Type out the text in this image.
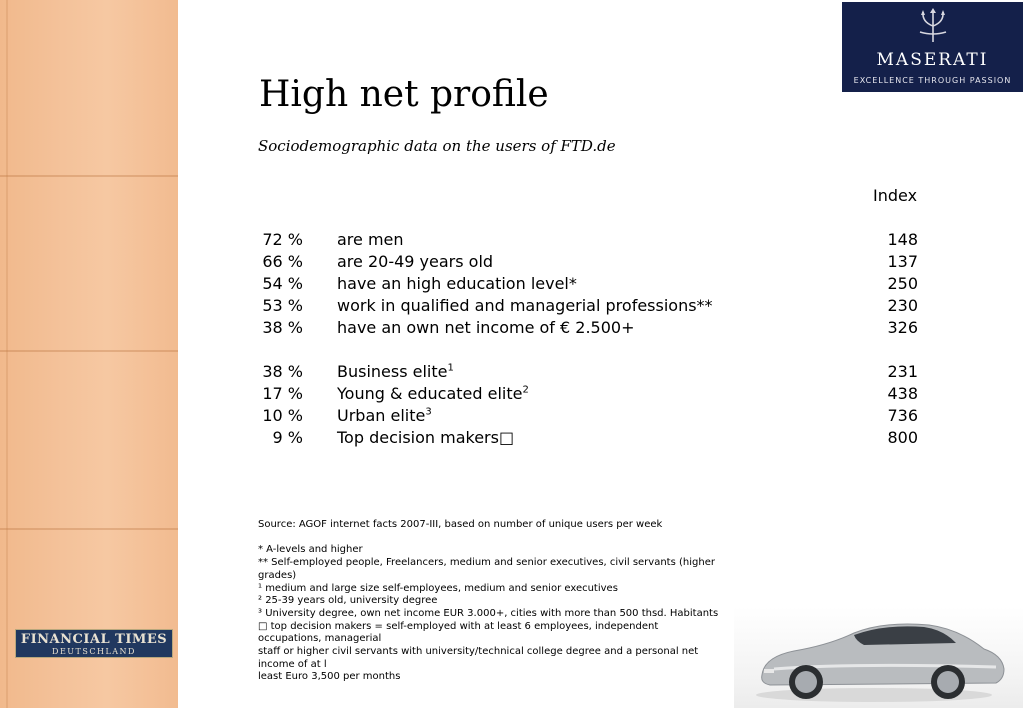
FINANCIAL TIMES
DEUTSCHLAND
MASERATI
EXCELLENCE THROUGH PASSION
High net profile
Sociodemographic data on the users of FTD.de
Index
72 % are men	148
66 % are 20-49 years old	137
54 % have an high education level*	250
53 % work in qualified and managerial professions**	230
38 % have an own net income of € 2.500+	326
38 % Business elite$^1$	231
17 % Young & educated elite$^2$	438
10 % Urban elite$^3$	736
9 % Top decision makers□	800

Source: AGOF internet facts 2007-III, based on number of unique users per week

* A-levels and higher

** Self-employed people, Freelancers, medium and senior executives, civil servants (higher grades)

¹ medium and large size self-employees, medium and senior executives

² 25-39 years old, university degree

³ University degree, own net income EUR 3.000+, cities with more than 500 thsd. Habitants

□ top decision makers = self-employed with at least 6 employees, independent occupations, managerial

staff or higher civil servants with university/technical college degree and a personal net income of at l

least Euro 3,500 per months
